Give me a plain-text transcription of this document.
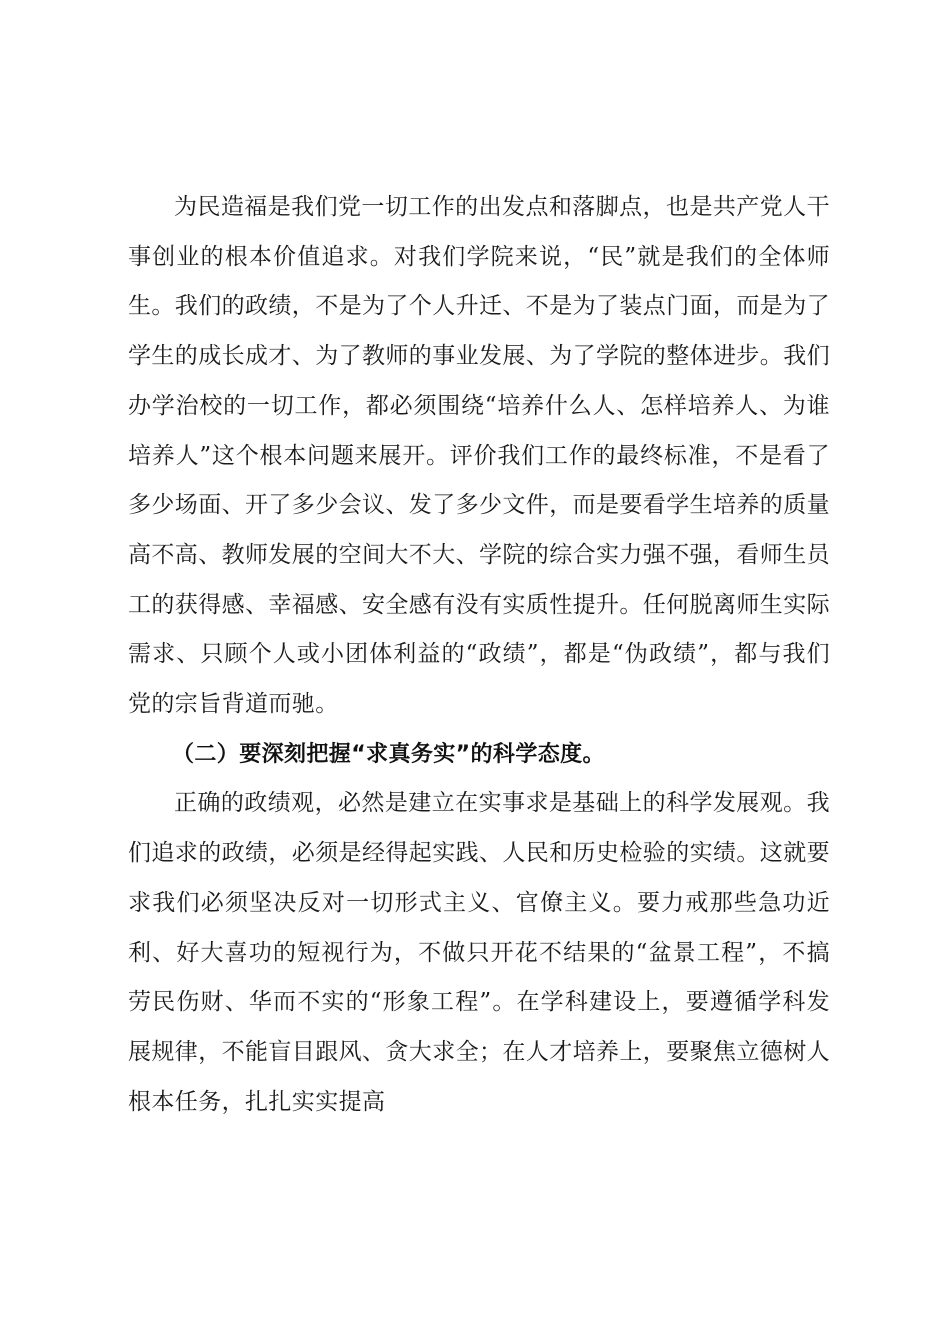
为民造福是我们党一切工作的出发点和落脚点，也是共产党人干事创业的根本价值追求。对我们学院来说，“民”就是我们的全体师生。我们的政绩，不是为了个人升迁、不是为了装点门面，而是为了学生的成长成才、为了教师的事业发展、为了学院的整体进步。我们办学治校的一切工作，都必须围绕“培养什么人、怎样培养人、为谁培养人”这个根本问题来展开。评价我们工作的最终标准，不是看了多少场面、开了多少会议、发了多少文件，而是要看学生培养的质量高不高、教师发展的空间大不大、学院的综合实力强不强，看师生员工的获得感、幸福感、安全感有没有实质性提升。任何脱离师生实际需求、只顾个人或小团体利益的“政绩”，都是“伪政绩”，都与我们党的宗旨背道而驰。

（二）要深刻把握“求真务实”的科学态度。

正确的政绩观，必然是建立在实事求是基础上的科学发展观。我们追求的政绩，必须是经得起实践、人民和历史检验的实绩。这就要求我们必须坚决反对一切形式主义、官僚主义。要力戒那些急功近利、好大喜功的短视行为，不做只开花不结果的“盆景工程”，不搞劳民伤财、华而不实的“形象工程”。在学科建设上，要遵循学科发展规律，不能盲目跟风、贪大求全；在人才培养上，要聚焦立德树人根本任务，扎扎实实提高
